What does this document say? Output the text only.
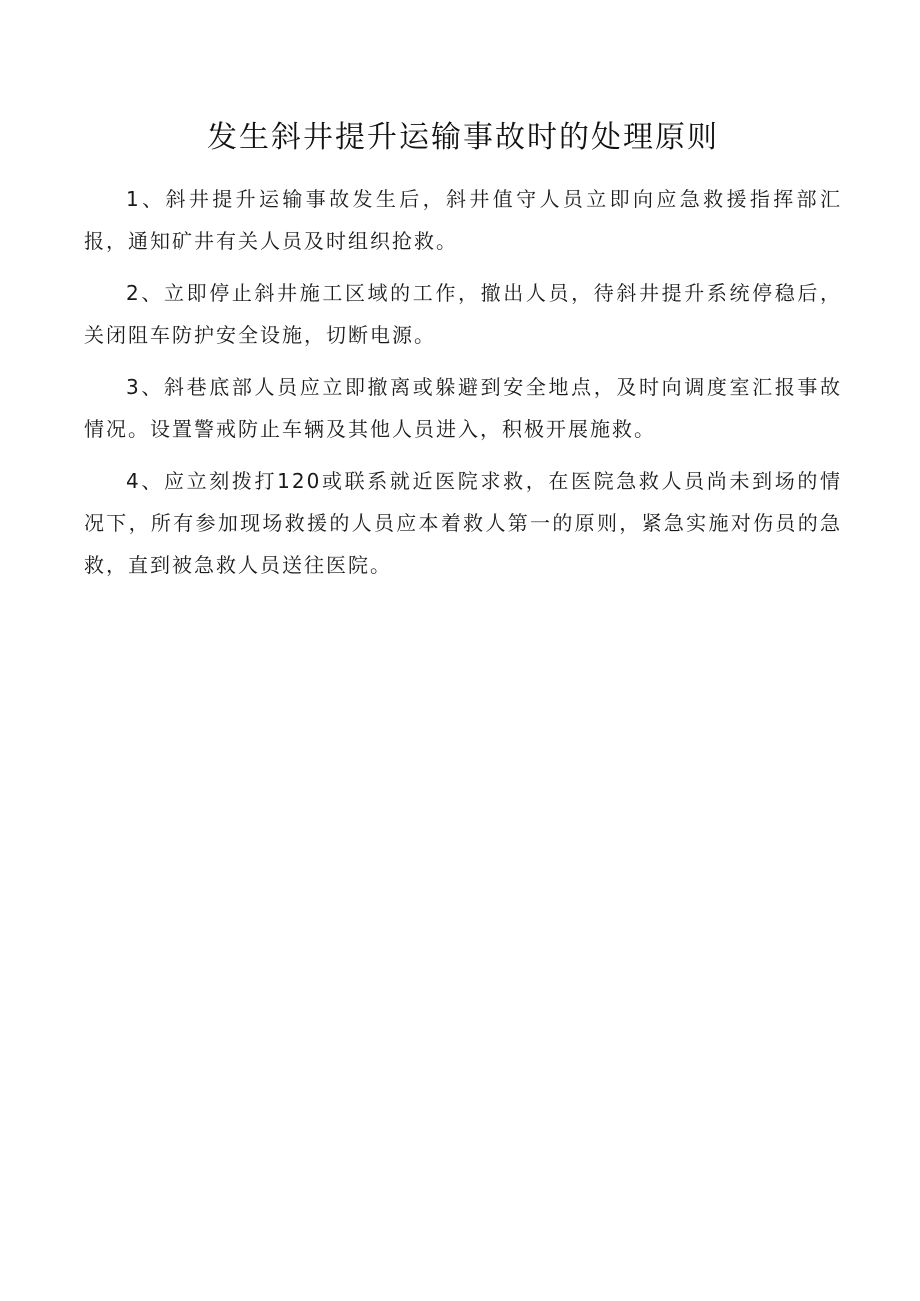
发生斜井提升运输事故时的处理原则

1、斜井提升运输事故发生后，斜井值守人员立即向应急救援指挥部汇报，通知矿井有关人员及时组织抢救。

2、立即停止斜井施工区域的工作，撤出人员，待斜井提升系统停稳后，关闭阻车防护安全设施，切断电源。

3、斜巷底部人员应立即撤离或躲避到安全地点，及时向调度室汇报事故情况。设置警戒防止车辆及其他人员进入，积极开展施救。

4、应立刻拨打120或联系就近医院求救，在医院急救人员尚未到场的情况下，所有参加现场救援的人员应本着救人第一的原则，紧急实施对伤员的急救，直到被急救人员送往医院。
